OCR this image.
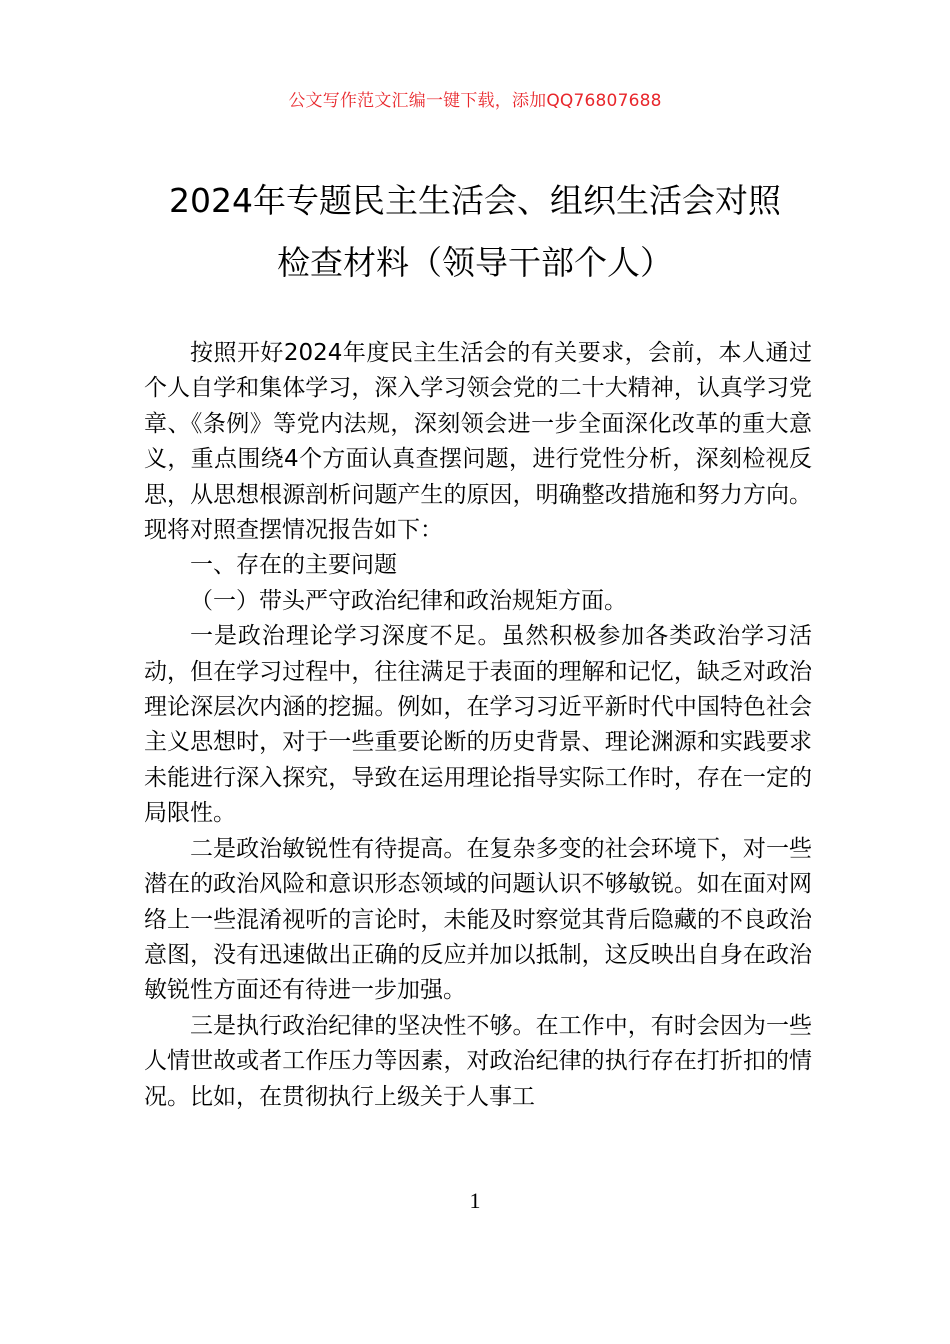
公文写作范文汇编一键下载，添加QQ76807688
2024年专题民主生活会、组织生活会对照
检查材料（领导干部个人）

按照开好2024年度民主生活会的有关要求，会前，本人通过个人自学和集体学习，深入学习领会党的二十大精神，认真学习党章、《条例》等党内法规，深刻领会进一步全面深化改革的重大意义，重点围绕4个方面认真查摆问题，进行党性分析，深刻检视反思，从思想根源剖析问题产生的原因，明确整改措施和努力方向。现将对照查摆情况报告如下：

一、存在的主要问题

（一）带头严守政治纪律和政治规矩方面。

一是政治理论学习深度不足。虽然积极参加各类政治学习活动，但在学习过程中，往往满足于表面的理解和记忆，缺乏对政治理论深层次内涵的挖掘。例如，在学习习近平新时代中国特色社会主义思想时，对于一些重要论断的历史背景、理论渊源和实践要求未能进行深入探究，导致在运用理论指导实际工作时，存在一定的局限性。

二是政治敏锐性有待提高。在复杂多变的社会环境下，对一些潜在的政治风险和意识形态领域的问题认识不够敏锐。如在面对网络上一些混淆视听的言论时，未能及时察觉其背后隐藏的不良政治意图，没有迅速做出正确的反应并加以抵制，这反映出自身在政治敏锐性方面还有待进一步加强。

三是执行政治纪律的坚决性不够。在工作中，有时会因为一些人情世故或者工作压力等因素，对政治纪律的执行存在打折扣的情况。比如，在贯彻执行上级关于人事工

1
